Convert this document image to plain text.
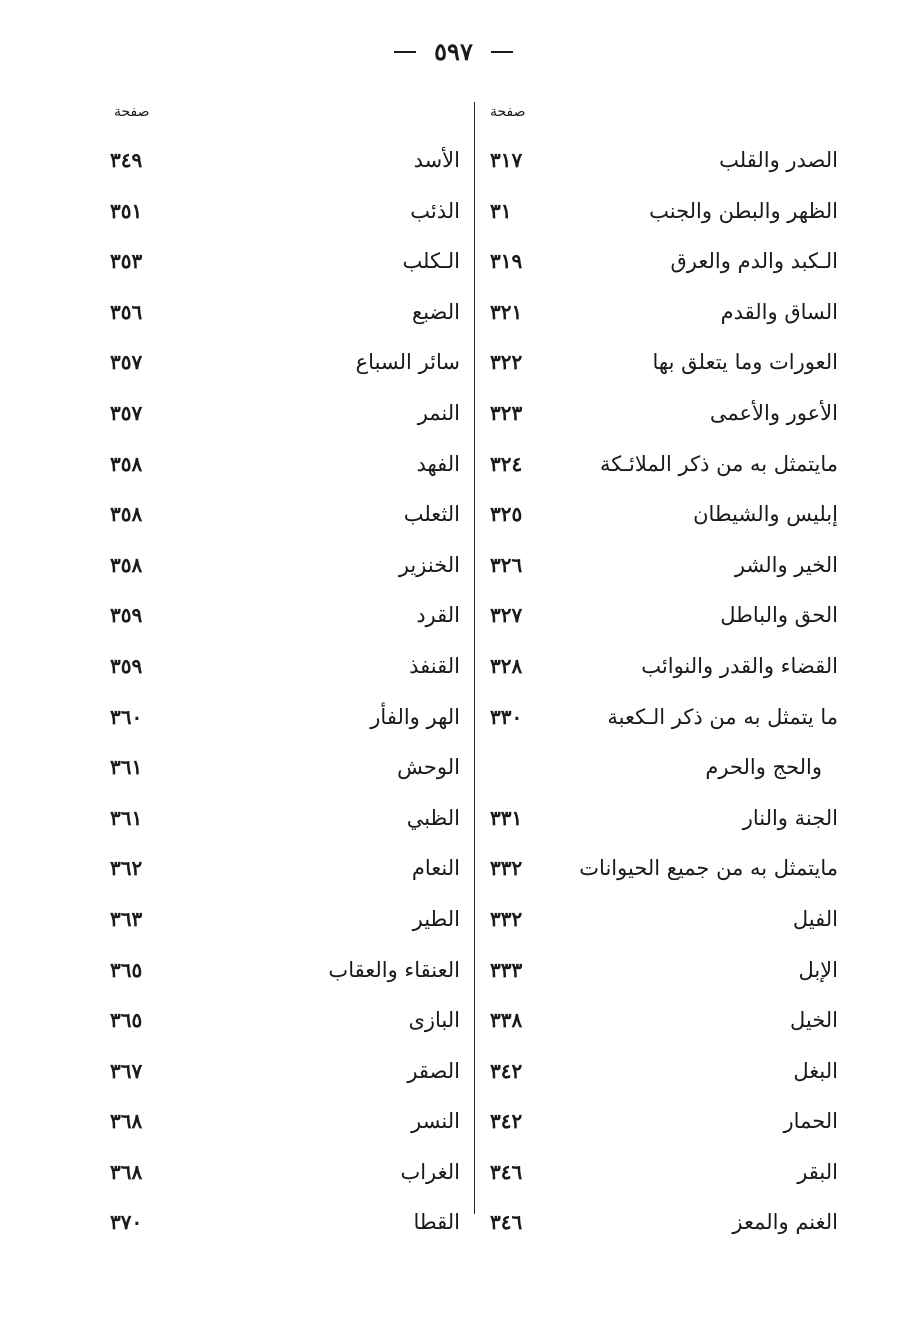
٥٩٧
صفحة
صفحة
الصدر والقلب
٣١٧
الظهر والبطن والجنب
٣١
الـكبد والدم والعرق
٣١٩
الساق والقدم
٣٢١
العورات وما يتعلق بها
٣٢٢
الأعور والأعمى
٣٢٣
مايتمثل به من ذكر الملائـكة
٣٢٤
إبليس والشيطان
٣٢٥
الخير والشر
٣٢٦
الحق والباطل
٣٢٧
القضاء والقدر والنوائب
٣٢٨
ما يتمثل به من ذكر الـكعبة
٣٣٠
والحج والحرم
الجنة والنار
٣٣١
مايتمثل به من جميع الحيوانات
٣٣٢
الفيل
٣٣٢
الإبل
٣٣٣
الخيل
٣٣٨
البغل
٣٤٢
الحمار
٣٤٢
البقر
٣٤٦
الغنم والمعز
٣٤٦
الأسد
٣٤٩
الذئب
٣٥١
الـكلب
٣٥٣
الضبع
٣٥٦
سائر السباع
٣٥٧
النمر
٣٥٧
الفهد
٣٥٨
الثعلب
٣٥٨
الخنزير
٣٥٨
القرد
٣٥٩
القنفذ
٣٥٩
الهر والفأر
٣٦٠
الوحش
٣٦١
الظبي
٣٦١
النعام
٣٦٢
الطير
٣٦٣
العنقاء والعقاب
٣٦٥
البازى
٣٦٥
الصقر
٣٦٧
النسر
٣٦٨
الغراب
٣٦٨
القطا
٣٧٠
